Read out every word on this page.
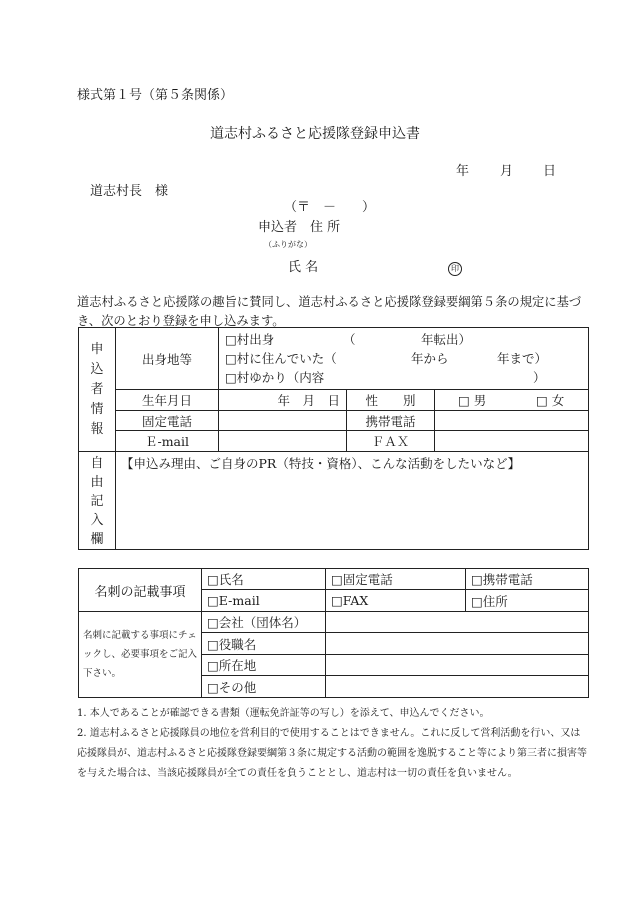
様式第１号（第５条関係）
道志村ふるさと応援隊登録申込書
年 月 日
道志村長　様
（〒　－　　）
申込者　住 所
（ふりがな）
氏 名	印
道志村ふるさと応援隊の趣旨に賛同し、道志村ふるさと応援隊登録要綱第５条の規定に基づき、次のとおり登録を申し込みます。
申込者情報	出身地等	□村出身 （ 年転出）
□村に住んでいた（ 年から 年まで）
□村ゆかり（内容 ）		

	生年月日	年　月　日	性　　別	□ 男 □ 女
	固定電話		携帯電話	
	Ｅ-mail		ＦＡＸ	
自由記入欄	【申込み理由、ご自身のPR（特技・資格）、こんな活動をしたいなど】			
名刺の記載事項	□氏名	□固定電話	□携帯電話
	□E-mail	□FAX	□住所
名刺に記載する事項にチェックし、必要事項をご記入下さい。	□会社（団体名）		
	□役職名		
	□所在地		
	□その他		
1. 本人であることが確認できる書類（運転免許証等の写し）を添えて、申込んでください。
2. 道志村ふるさと応援隊員の地位を営利目的で使用することはできません。これに反して営利活動を行い、又は応援隊員が、道志村ふるさと応援隊登録要綱第３条に規定する活動の範囲を逸脱すること等により第三者に損害等を与えた場合は、当該応援隊員が全ての責任を負うこととし、道志村は一切の責任を負いません。
